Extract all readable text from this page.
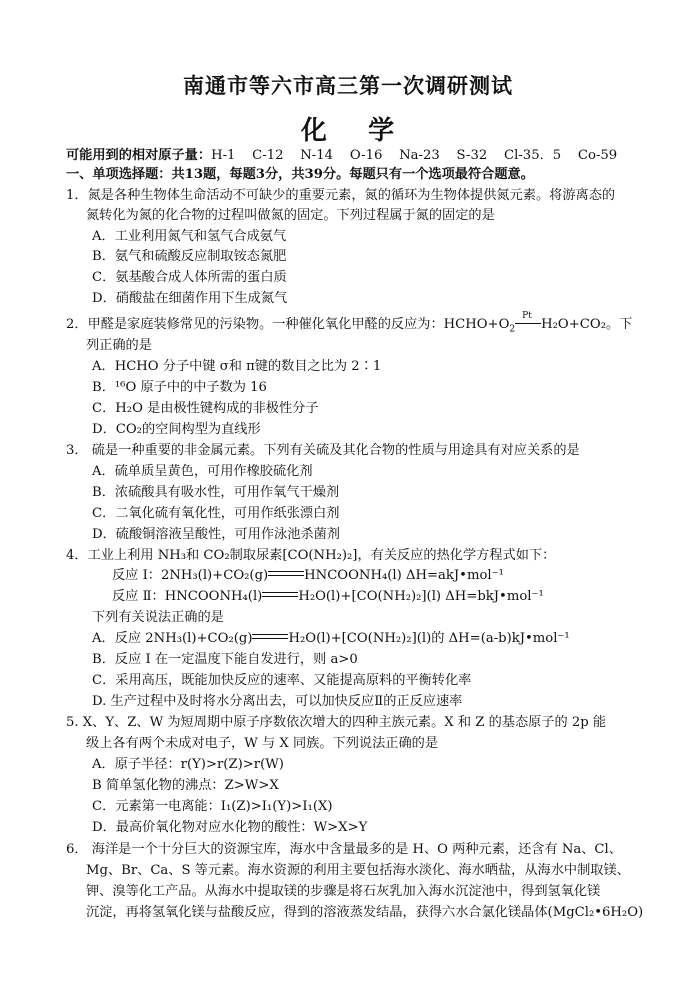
南通市等六市高三第一次调研测试
化    学
可能用到的相对原子量：H-1    C-12    N-14    O-16    Na-23    S-32    Cl-35．5    Co-59
一、单项选择题：共13题，每题3分，共39分。每题只有一个选项最符合题意。
1．氮是各种生物体生命活动不可缺少的重要元素，氮的循环为生物体提供氮元素。将游离态的
氮转化为氮的化合物的过程叫做氮的固定。下列过程属于氮的固定的是
A．工业利用氮气和氢气合成氨气
B．氨气和硫酸反应制取铵态氮肥
C．氨基酸合成人体所需的蛋白质
D．硝酸盐在细菌作用下生成氮气
2．甲醛是家庭装修常见的污染物。一种催化氧化甲醛的反应为：$HCHO+O_2$
Pt
H₂O+CO₂。下
列正确的是
A．HCHO 分子中键 σ和 π键的数目之比为 2∶1
B．¹⁶O 原子中的中子数为 16
C．H₂O 是由极性键构成的非极性分子
D．CO₂的空间构型为直线形
3． 硫是一种重要的非金属元素。下列有关硫及其化合物的性质与用途具有对应关系的是
A．硫单质呈黄色，可用作橡胶硫化剂
B．浓硫酸具有吸水性，可用作氧气干燥剂
C．二氧化硫有氧化性，可用作纸张漂白剂
D．硫酸铜溶液呈酸性，可用作泳池杀菌剂
4．工业上利用 NH₃和 CO₂制取尿素[CO(NH₂)₂]，有关反应的热化学方程式如下：
反应 Ⅰ：2NH₃(l)+CO₂(g)	HNCOONH₄(l) ΔH=akJ•mol⁻¹
反应 Ⅱ：HNCOONH₄(l)	H₂O(l)+[CO(NH₂)₂](l) ΔH=bkJ•mol⁻¹
下列有关说法正确的是
A．反应 2NH₃(l)+CO₂(g)	H₂O(l)+[CO(NH₂)₂](l)的 ΔH=(a-b)kJ•mol⁻¹
B．反应 Ⅰ 在一定温度下能自发进行，则 a>0
C．采用高压，既能加快反应的速率、又能提高原料的平衡转化率
D. 生产过程中及时将水分离出去，可以加快反应Ⅱ的正反应速率
5. X、Y、Z、W 为短周期中原子序数依次增大的四种主族元素。X 和 Z 的基态原子的 2p 能
级上各有两个未成对电子，W 与 X 同族。下列说法正确的是
A．原子半径：r(Y)>r(Z)>r(W)
B 简单氢化物的沸点：Z>W>X
C．元素第一电离能：I₁(Z)>I₁(Y)>I₁(X)
D．最高价氧化物对应水化物的酸性：W>X>Y
6． 海洋是一个十分巨大的资源宝库，海水中含量最多的是 H、O 两种元素，还含有 Na、Cl、
Mg、Br、Ca、S 等元素。海水资源的利用主要包括海水淡化、海水晒盐，从海水中制取镁、
钾、溴等化工产品。从海水中提取镁的步骤是将石灰乳加入海水沉淀池中，得到氢氧化镁
沉淀，再将氢氧化镁与盐酸反应，得到的溶液蒸发结晶，获得六水合氯化镁晶体(MgCl₂•6H₂O)
